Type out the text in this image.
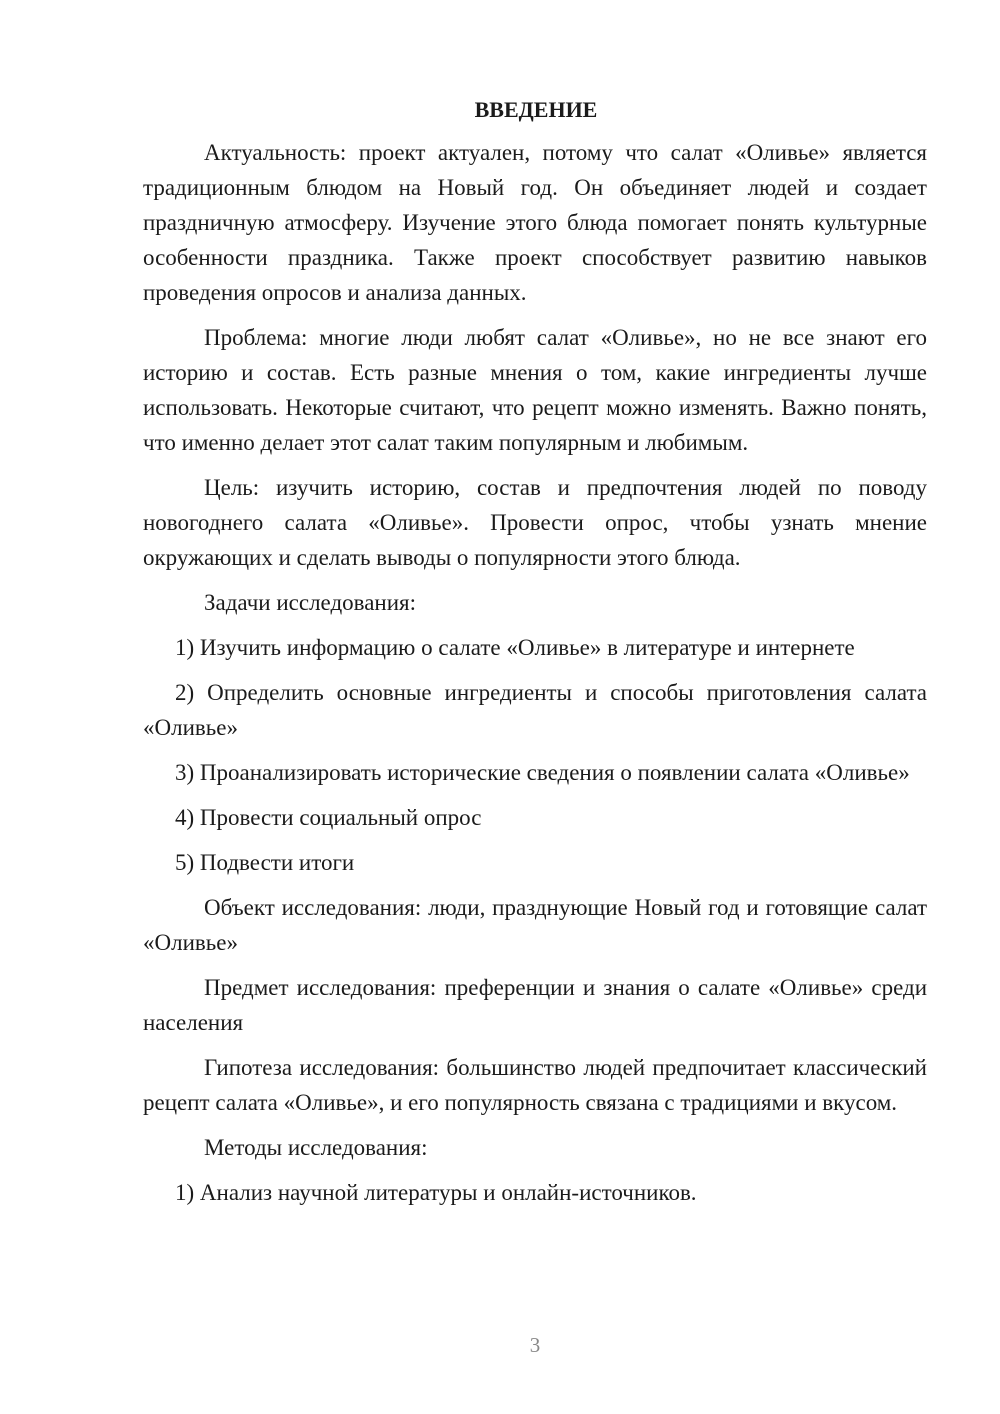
ВВЕДЕНИЕ

Актуальность: проект актуален, потому что салат «Оливье» является традиционным блюдом на Новый год. Он объединяет людей и создает праздничную атмосферу. Изучение этого блюда помогает понять культурные особенности праздника. Также проект способствует развитию навыков проведения опросов и анализа данных.

Проблема: многие люди любят салат «Оливье», но не все знают его историю и состав. Есть разные мнения о том, какие ингредиенты лучше использовать. Некоторые считают, что рецепт можно изменять. Важно понять, что именно делает этот салат таким популярным и любимым.

Цель: изучить историю, состав и предпочтения людей по поводу новогоднего салата «Оливье». Провести опрос, чтобы узнать мнение окружающих и сделать выводы о популярности этого блюда.

Задачи исследования:

1) Изучить информацию о салате «Оливье» в литературе и интернете

2) Определить основные ингредиенты и способы приготовления салата «Оливье»

3) Проанализировать исторические сведения о появлении салата «Оливье»

4) Провести социальный опрос

5) Подвести итоги

Объект исследования: люди, празднующие Новый год и готовящие салат «Оливье»

Предмет исследования: преференции и знания о салате «Оливье» среди населения

Гипотеза исследования: большинство людей предпочитает классический рецепт салата «Оливье», и его популярность связана с традициями и вкусом.

Методы исследования:

1) Анализ научной литературы и онлайн-источников.

3
